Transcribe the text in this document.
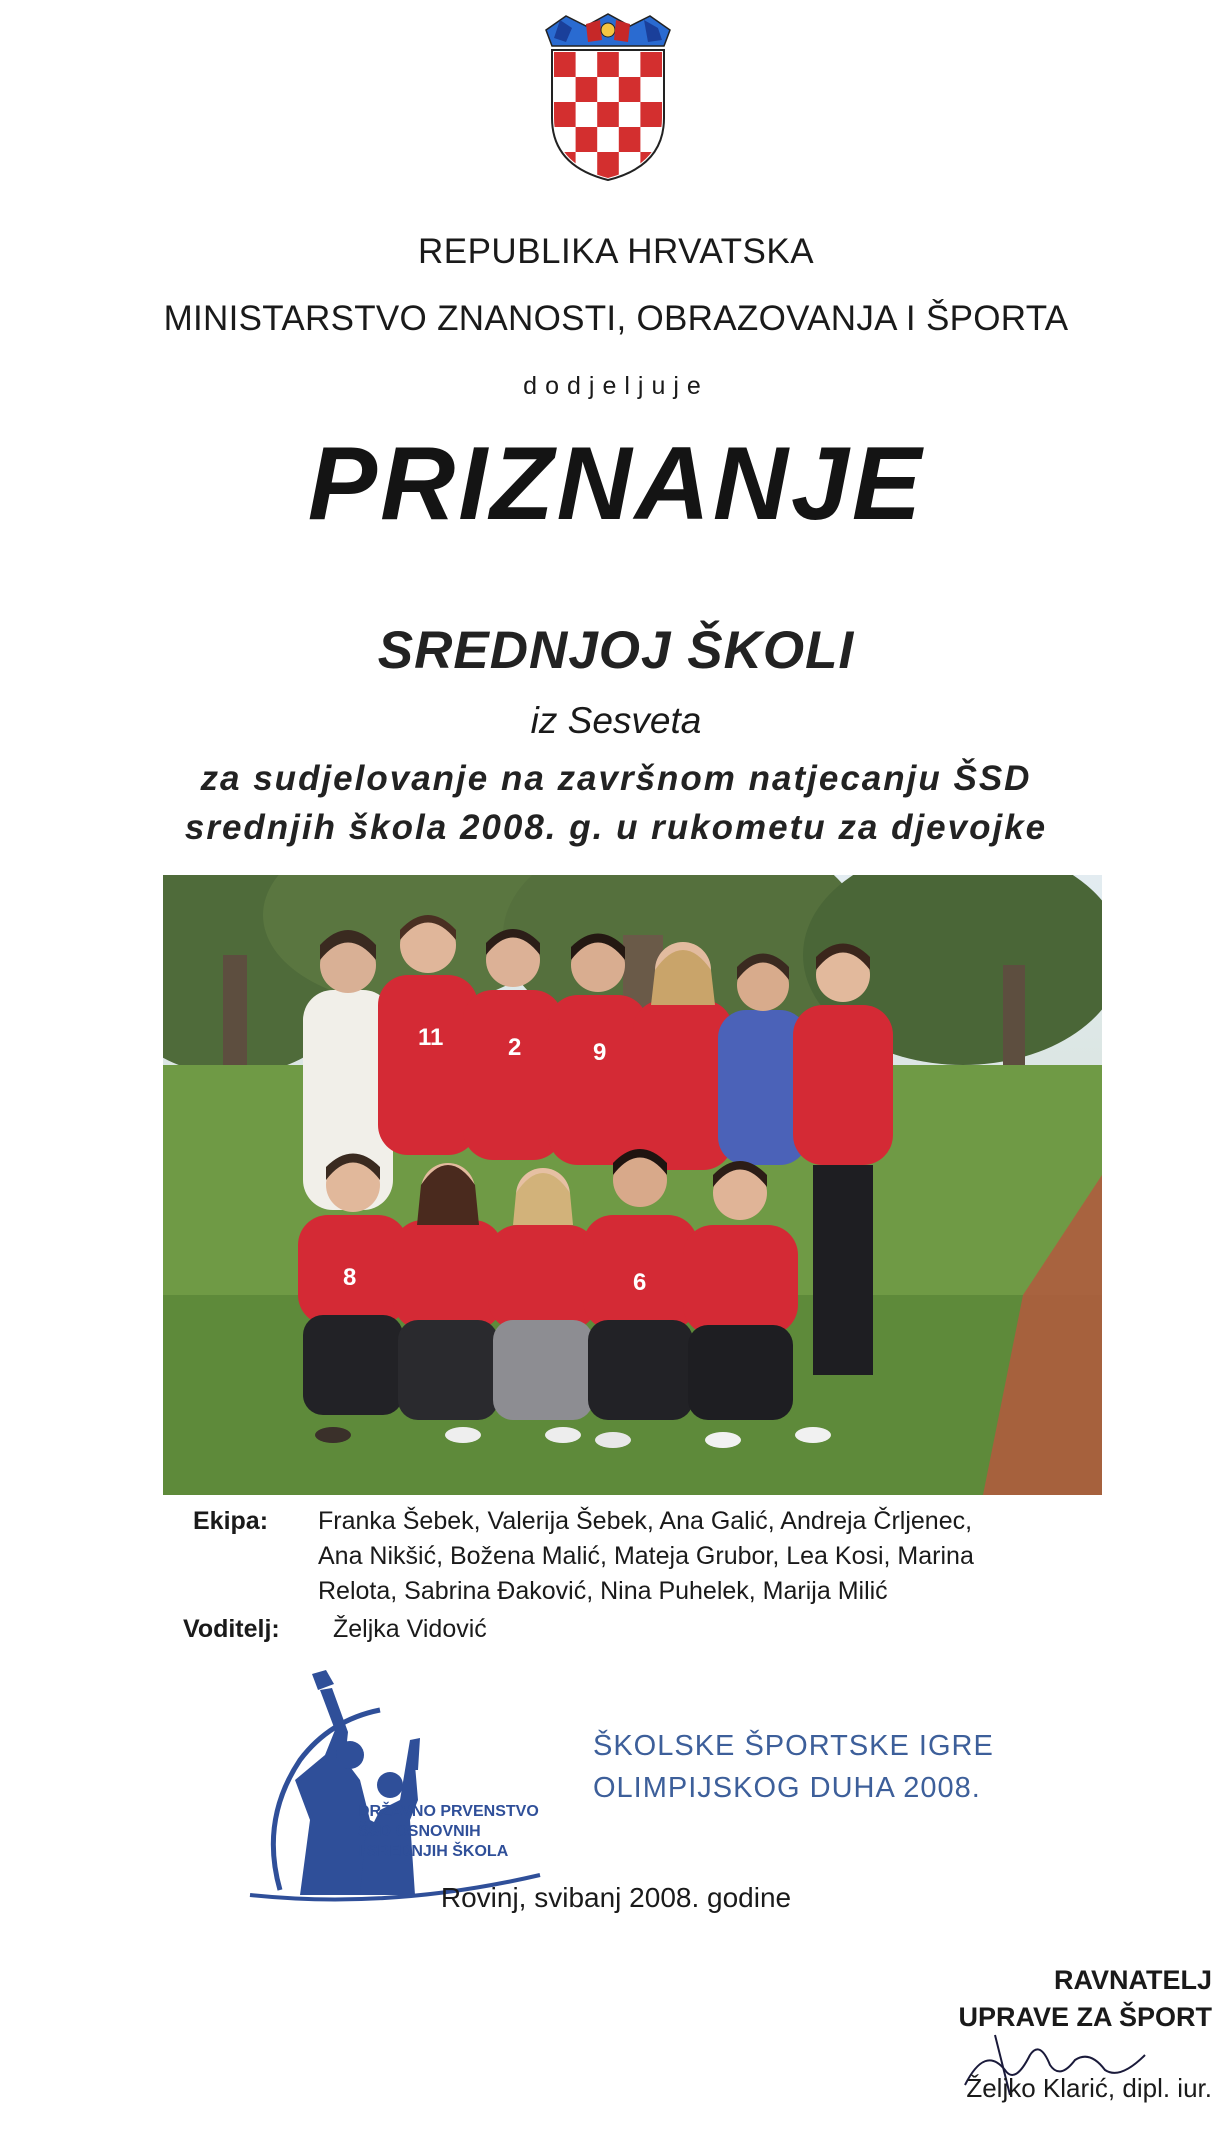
REPUBLIKA HRVATSKA
MINISTARSTVO ZNANOSTI, OBRAZOVANJA I ŠPORTA
dodjeljuje
PRIZNANJE
SREDNJOJ ŠKOLI
iz Sesveta
za sudjelovanje na završnom natjecanju ŠSD
srednjih škola 2008. g. u rukometu za djevojke
11	2	9
8	6
Ekipa: Franka Šebek, Valerija Šebek, Ana Galić, Andreja Črljenec,
Ana Nikšić, Božena Malić, Mateja Grubor, Lea Kosi, Marina
Relota, Sabrina Đaković, Nina Puhelek, Marija Milić
Voditelj: Željka Vidović
DRŽAVNO PRVENSTVO
ŠSD OSNOVNIH
I SREDNJIH ŠKOLA
ŠKOLSKE ŠPORTSKE IGRE
OLIMPIJSKOG DUHA 2008.
Rovinj, svibanj 2008. godine
RAVNATELJ
UPRAVE ZA ŠPORT
Željko Klarić, dipl. iur.
